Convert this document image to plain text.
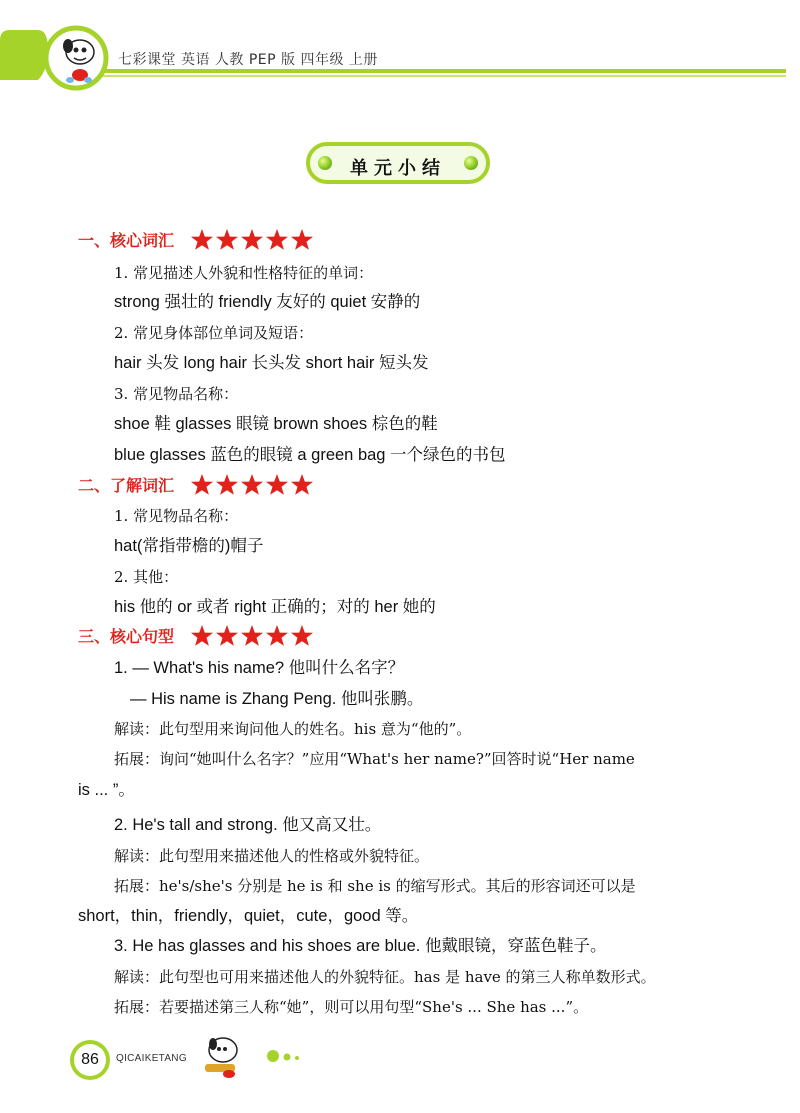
七彩课堂 英语 人教 PEP 版 四年级 上册
单元小结
一、核心词汇
1. 常见描述人外貌和性格特征的单词：
strong 强壮的 friendly 友好的 quiet 安静的
2. 常见身体部位单词及短语：
hair 头发 long hair 长头发 short hair 短头发
3. 常见物品名称：
shoe 鞋 glasses 眼镜 brown shoes 棕色的鞋
blue glasses 蓝色的眼镜 a green bag 一个绿色的书包
二、了解词汇
1. 常见物品名称：
hat(常指带檐的)帽子
2. 其他：
his 他的 or 或者 right 正确的；对的 her 她的
三、核心句型
1. — What's his name? 他叫什么名字？
— His name is Zhang Peng. 他叫张鹏。
解读：此句型用来询问他人的姓名。his 意为“他的”。
拓展：询问“她叫什么名字？”应用“What's her name?”回答时说“Her name
is ... ”。
2. He's tall and strong. 他又高又壮。
解读：此句型用来描述他人的性格或外貌特征。
拓展：he's/she's 分别是 he is 和 she is 的缩写形式。其后的形容词还可以是
short，thin，friendly，quiet，cute，good 等。
3. He has glasses and his shoes are blue. 他戴眼镜，穿蓝色鞋子。
解读：此句型也可用来描述他人的外貌特征。has 是 have 的第三人称单数形式。
拓展：若要描述第三人称“她”，则可以用句型“She's ... She has ...”。
86	QICAIKETANG
